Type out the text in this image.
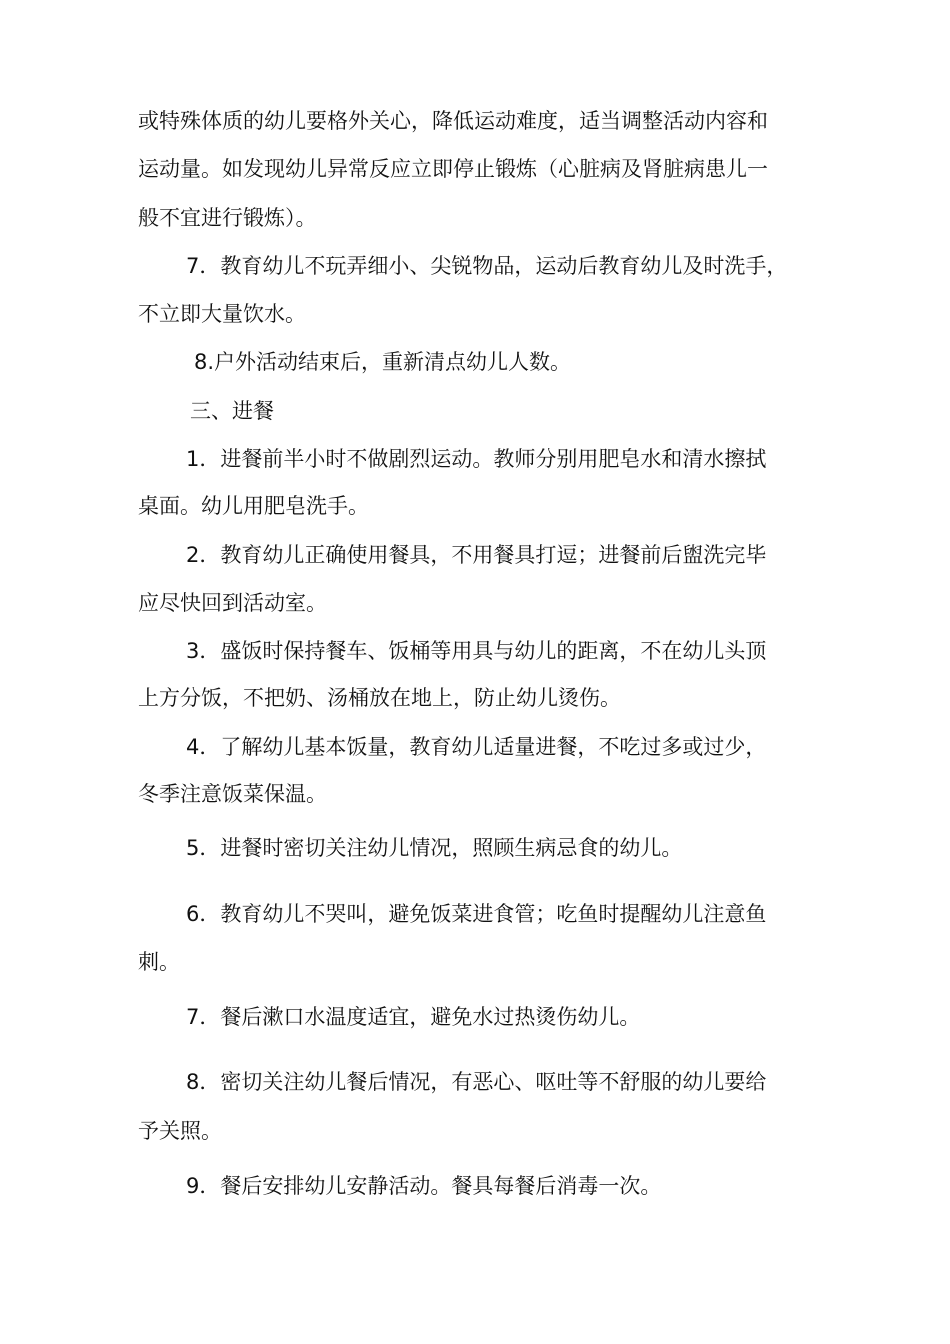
或特殊体质的幼儿要格外关心，降低运动难度，适当调整活动内容和
运动量。如发现幼儿异常反应立即停止锻炼（心脏病及肾脏病患儿一
般不宜进行锻炼）。
7．教育幼儿不玩弄细小、尖锐物品，运动后教育幼儿及时洗手，
不立即大量饮水。
8.户外活动结束后，重新清点幼儿人数。
三、进餐
1．进餐前半小时不做剧烈运动。教师分别用肥皂水和清水擦拭
桌面。幼儿用肥皂洗手。
2．教育幼儿正确使用餐具，不用餐具打逗；进餐前后盥洗完毕
应尽快回到活动室。
3．盛饭时保持餐车、饭桶等用具与幼儿的距离，不在幼儿头顶
上方分饭，不把奶、汤桶放在地上，防止幼儿烫伤。
4．了解幼儿基本饭量，教育幼儿适量进餐，不吃过多或过少，
冬季注意饭菜保温。
5．进餐时密切关注幼儿情况，照顾生病忌食的幼儿。
6．教育幼儿不哭叫，避免饭菜进食管；吃鱼时提醒幼儿注意鱼
刺。
7．餐后漱口水温度适宜，避免水过热烫伤幼儿。
8．密切关注幼儿餐后情况，有恶心、呕吐等不舒服的幼儿要给
予关照。
9．餐后安排幼儿安静活动。餐具每餐后消毒一次。
